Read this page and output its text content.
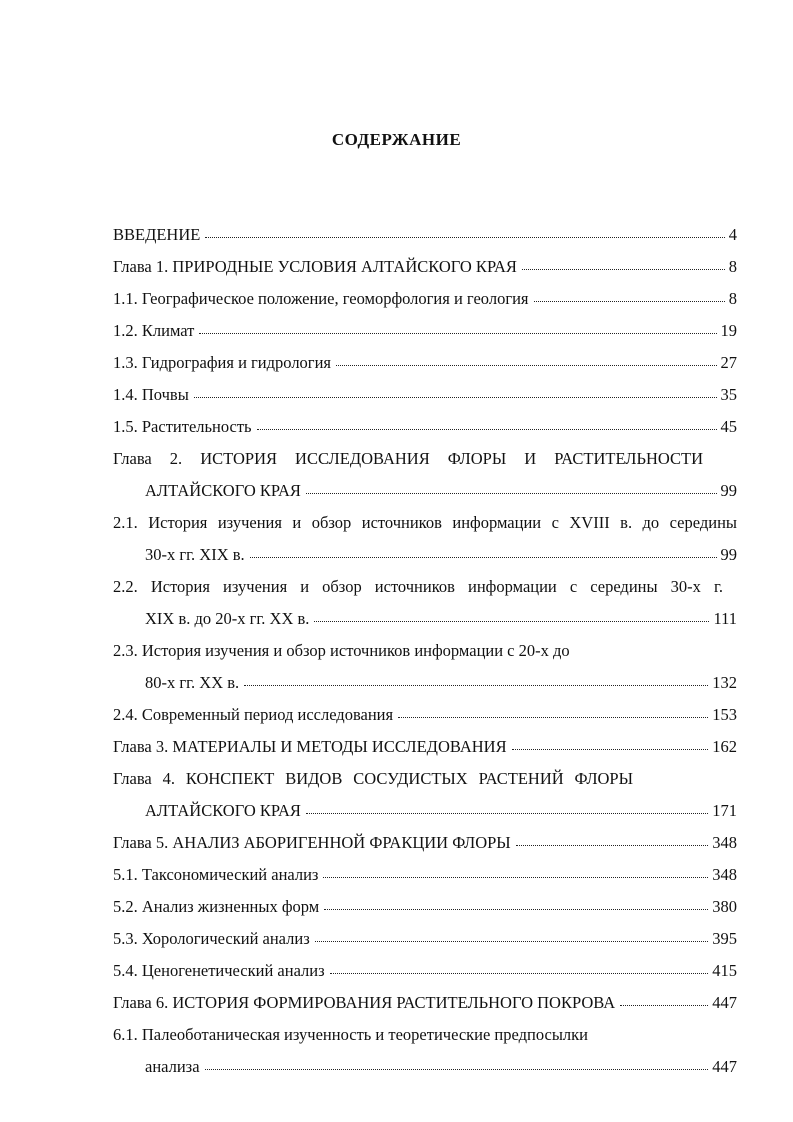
СОДЕРЖАНИЕ
ВВЕДЕНИЕ	4
Глава 1. ПРИРОДНЫЕ УСЛОВИЯ АЛТАЙСКОГО КРАЯ	8
1.1. Географическое положение, геоморфология и геология	8
1.2. Климат	19
1.3. Гидрография и гидрология	27
1.4. Почвы	35
1.5. Растительность	45
Глава 2. ИСТОРИЯ ИССЛЕДОВАНИЯ ФЛОРЫ И РАСТИТЕЛЬНОСТИ
АЛТАЙСКОГО КРАЯ	99
2.1. История изучения и обзор источников информации с XVIII в. до середины
30-х гг. XIX в.	99
2.2. История изучения и обзор источников информации с середины 30-х г.
XIX в. до 20-х гг. XX в.	111
2.3. История изучения и обзор источников информации с 20-х до
80-х гг. XX в.	132
2.4. Современный период исследования	153
Глава 3. МАТЕРИАЛЫ И МЕТОДЫ ИССЛЕДОВАНИЯ	162
Глава 4. КОНСПЕКТ ВИДОВ СОСУДИСТЫХ РАСТЕНИЙ ФЛОРЫ
АЛТАЙСКОГО КРАЯ	171
Глава 5. АНАЛИЗ АБОРИГЕННОЙ ФРАКЦИИ ФЛОРЫ	348
5.1. Таксономический анализ	348
5.2. Анализ жизненных форм	380
5.3. Хорологический анализ	395
5.4. Ценогенетический анализ	415
Глава 6. ИСТОРИЯ ФОРМИРОВАНИЯ РАСТИТЕЛЬНОГО ПОКРОВА	447
6.1. Палеоботаническая изученность и теоретические предпосылки
анализа	447
